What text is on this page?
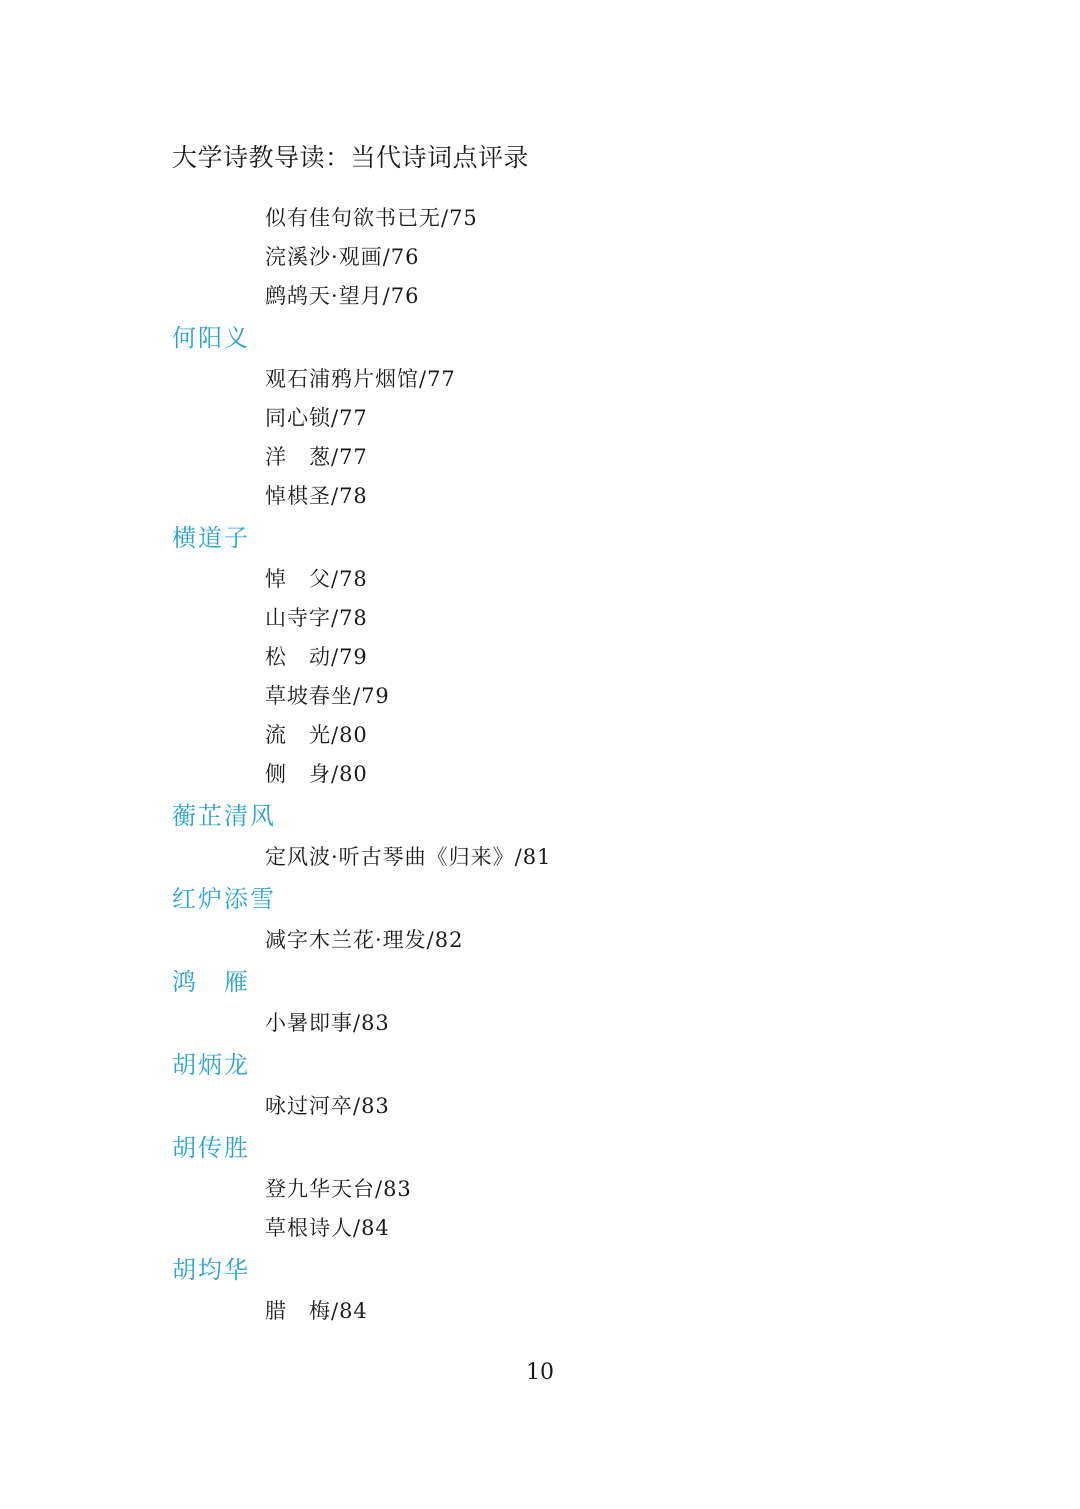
大学诗教导读：当代诗词点评录
似有佳句欲书已无/75
浣溪沙·观画/76
鹧鸪天·望月/76
何阳义
观石浦鸦片烟馆/77
同心锁/77
洋　葱/77
悼棋圣/78
横道子
悼　父/78
山寺字/78
松　动/79
草坡春坐/79
流　光/80
侧　身/80
蘅芷清风
定风波·听古琴曲《归来》/81
红炉添雪
减字木兰花·理发/82
鸿　雁
小暑即事/83
胡炳龙
咏过河卒/83
胡传胜
登九华天台/83
草根诗人/84
胡均华
腊　梅/84
10
